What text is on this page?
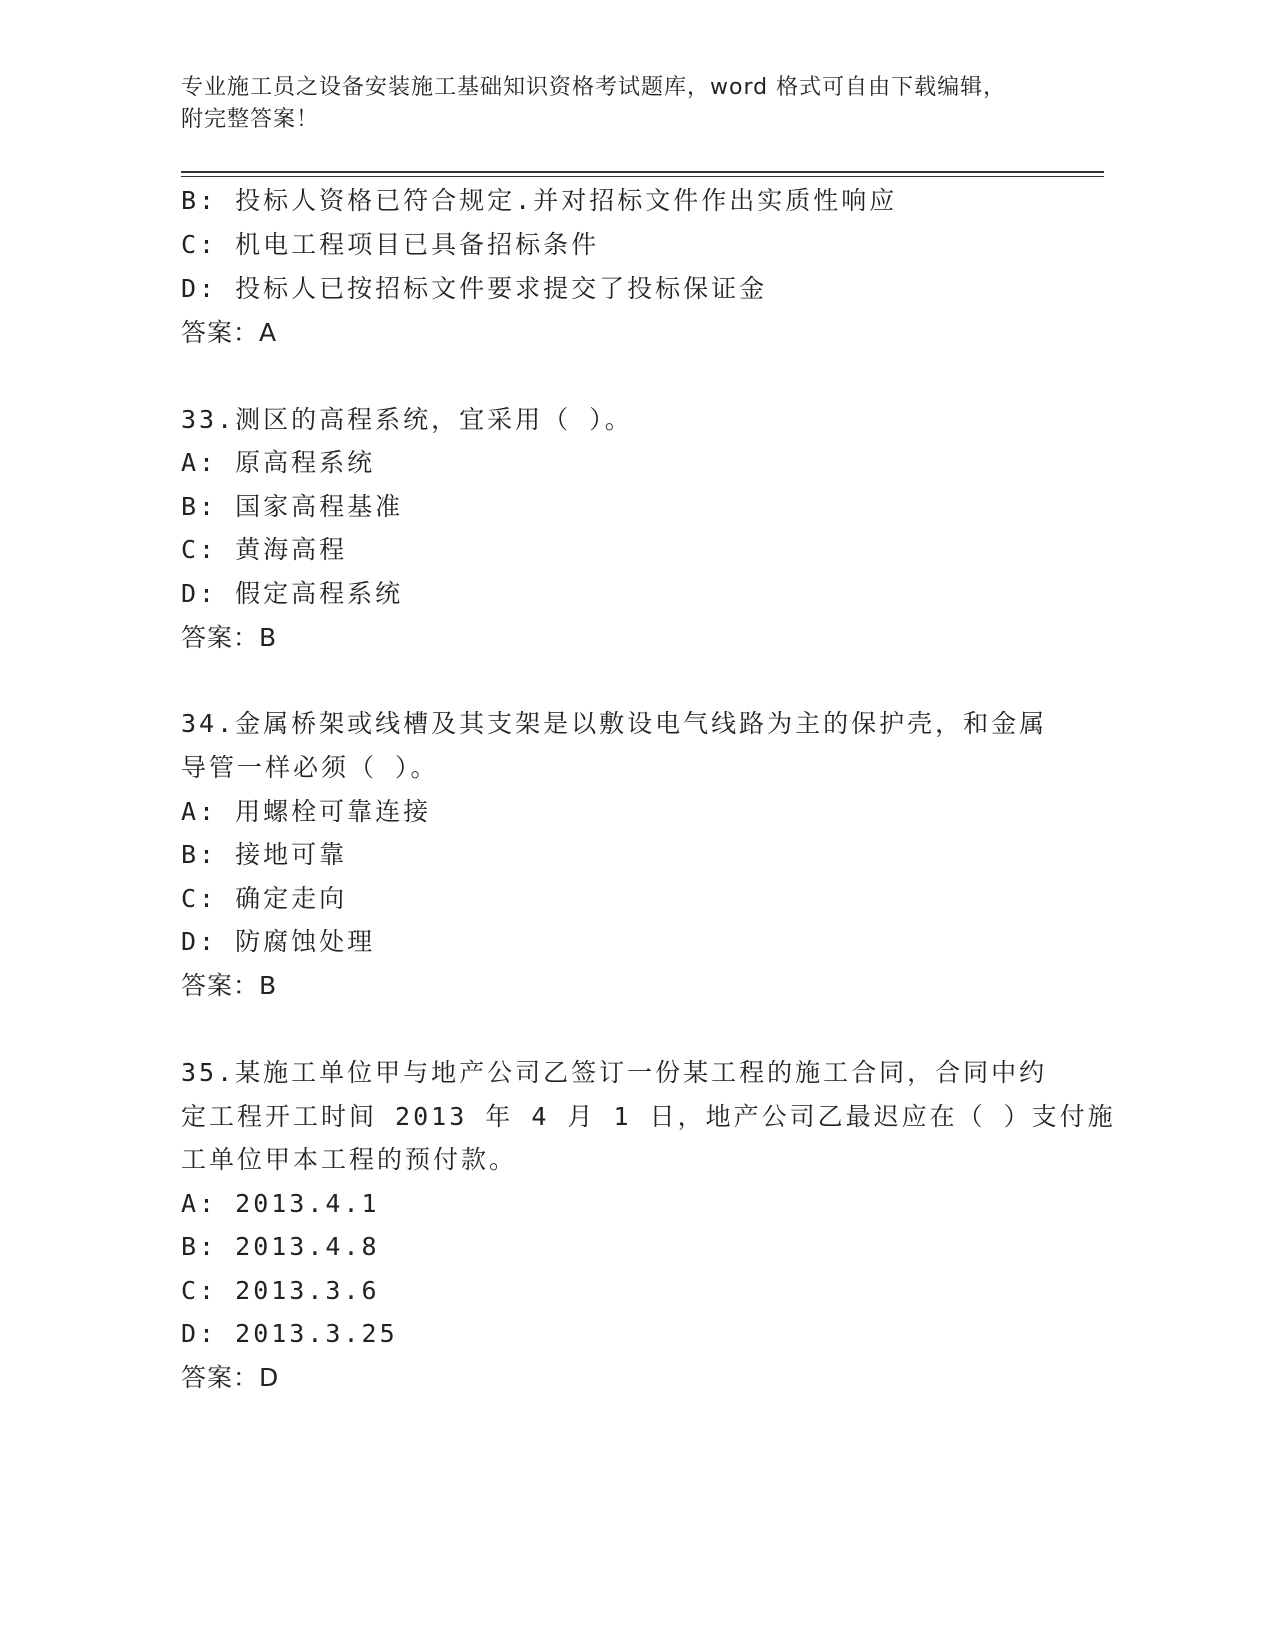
专业施工员之设备安装施工基础知识资格考试题库，word 格式可自由下载编辑，
附完整答案！
B: 投标人资格已符合规定.并对招标文件作出实质性响应
C: 机电工程项目已具备招标条件
D: 投标人已按招标文件要求提交了投标保证金
答案：A
33.测区的高程系统，宜采用（ ）。
A: 原高程系统
B: 国家高程基准
C: 黄海高程
D: 假定高程系统
答案：B
34.金属桥架或线槽及其支架是以敷设电气线路为主的保护壳，和金属
导管一样必须（ ）。
A: 用螺栓可靠连接
B: 接地可靠
C: 确定走向
D: 防腐蚀处理
答案：B
35.某施工单位甲与地产公司乙签订一份某工程的施工合同，合同中约
定工程开工时间 2013 年 4 月 1 日，地产公司乙最迟应在（ ）支付施
工单位甲本工程的预付款。
A: 2013.4.1
B: 2013.4.8
C: 2013.3.6
D: 2013.3.25
答案：D
